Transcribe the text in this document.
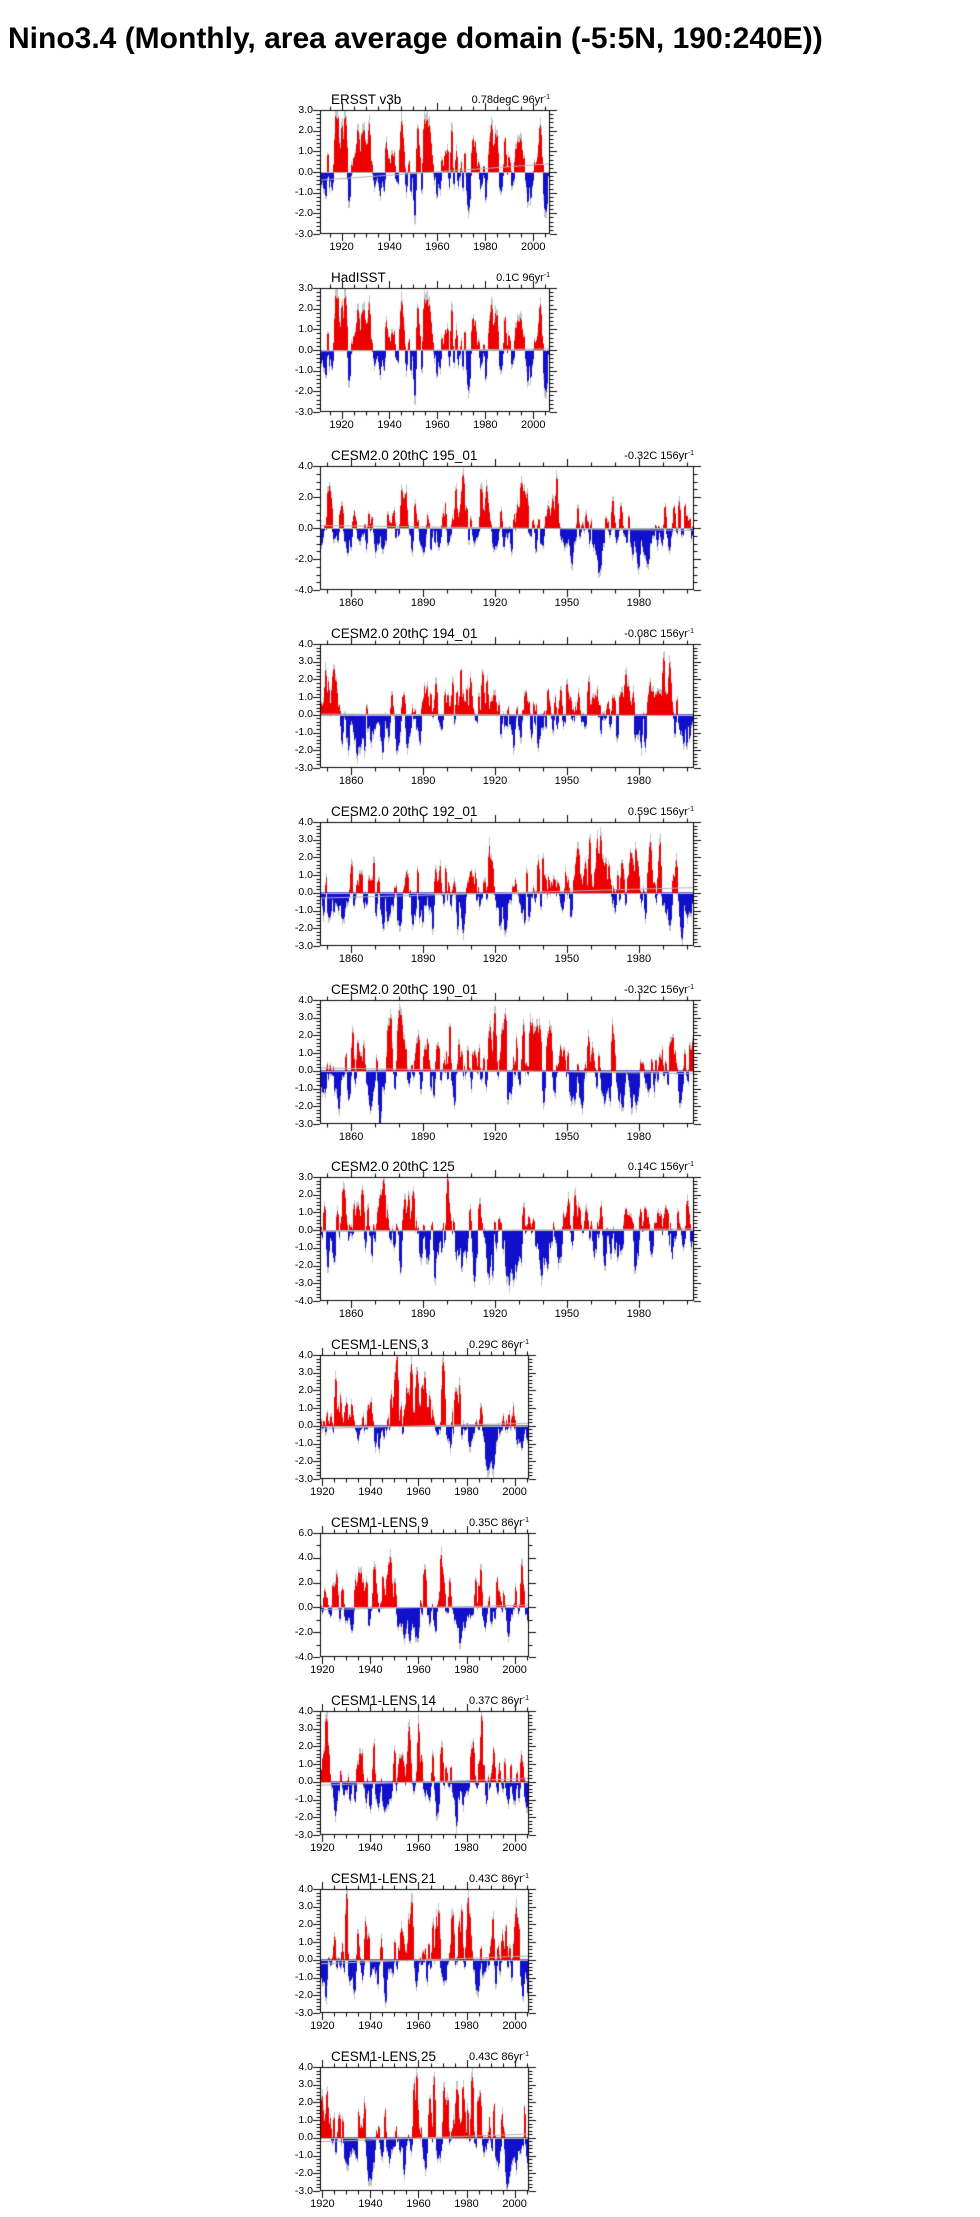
Nino3.4 (Monthly, area average domain (-5:5N, 190:240E))
ERSST v3b	0.78degC $96yr^{-1}$
3.0
2.0
1.0
0.0
-1.0
-2.0
-3.0
1920 1940 1960 1980 2000
HadISST	0.1C $96yr^{-1}$
3.0
2.0
1.0
0.0
-1.0
-2.0
-3.0
1920 1940 1960 1980 2000
CESM2.0 20thC 195_01	-0.32C $156yr^{-1}$
4.0
2.0
0.0
-2.0
-4.0
1860	1890	1920	1950	1980
CESM2.0 20thC 194_01	-0.08C $156yr^{-1}$
4.0
3.0
2.0
1.0
0.0
-1.0
-2.0
-3.0
1860	1890	1920	1950	1980
CESM2.0 20thC 192_01	0.59C $156yr^{-1}$
4.0
3.0
2.0
1.0
0.0
-1.0
-2.0
-3.0
1860	1890	1920	1950	1980
CESM2.0 20thC 190_01	-0.32C $156yr^{-1}$
4.0
3.0
2.0
1.0
0.0
-1.0
-2.0
-3.0
1860	1890	1920	1950	1980
CESM2.0 20thC 125	0.14C $156yr^{-1}$
3.0
2.0
1.0
0.0
-1.0
-2.0
-3.0
-4.0
1860	1890	1920	1950	1980
CESM1-LENS 3	0.29C $86yr^{-1}$
4.0
3.0
2.0
1.0
0.0
-1.0
-2.0
-3.0
1920 1940 1960 1980 2000
CESM1-LENS 9	0.35C $86yr^{-1}$
6.0
4.0
2.0
0.0
-2.0
-4.0
1920 1940 1960 1980 2000
CESM1-LENS 14	0.37C $86yr^{-1}$
4.0
3.0
2.0
1.0
0.0
-1.0
-2.0
-3.0
1920 1940 1960 1980 2000
CESM1-LENS 21	0.43C $86yr^{-1}$
4.0
3.0
2.0
1.0
0.0
-1.0
-2.0
-3.0
1920 1940 1960 1980 2000
CESM1-LENS 25	0.43C $86yr^{-1}$
4.0
3.0
2.0
1.0
0.0
-1.0
-2.0
-3.0
1920 1940 1960 1980 2000
